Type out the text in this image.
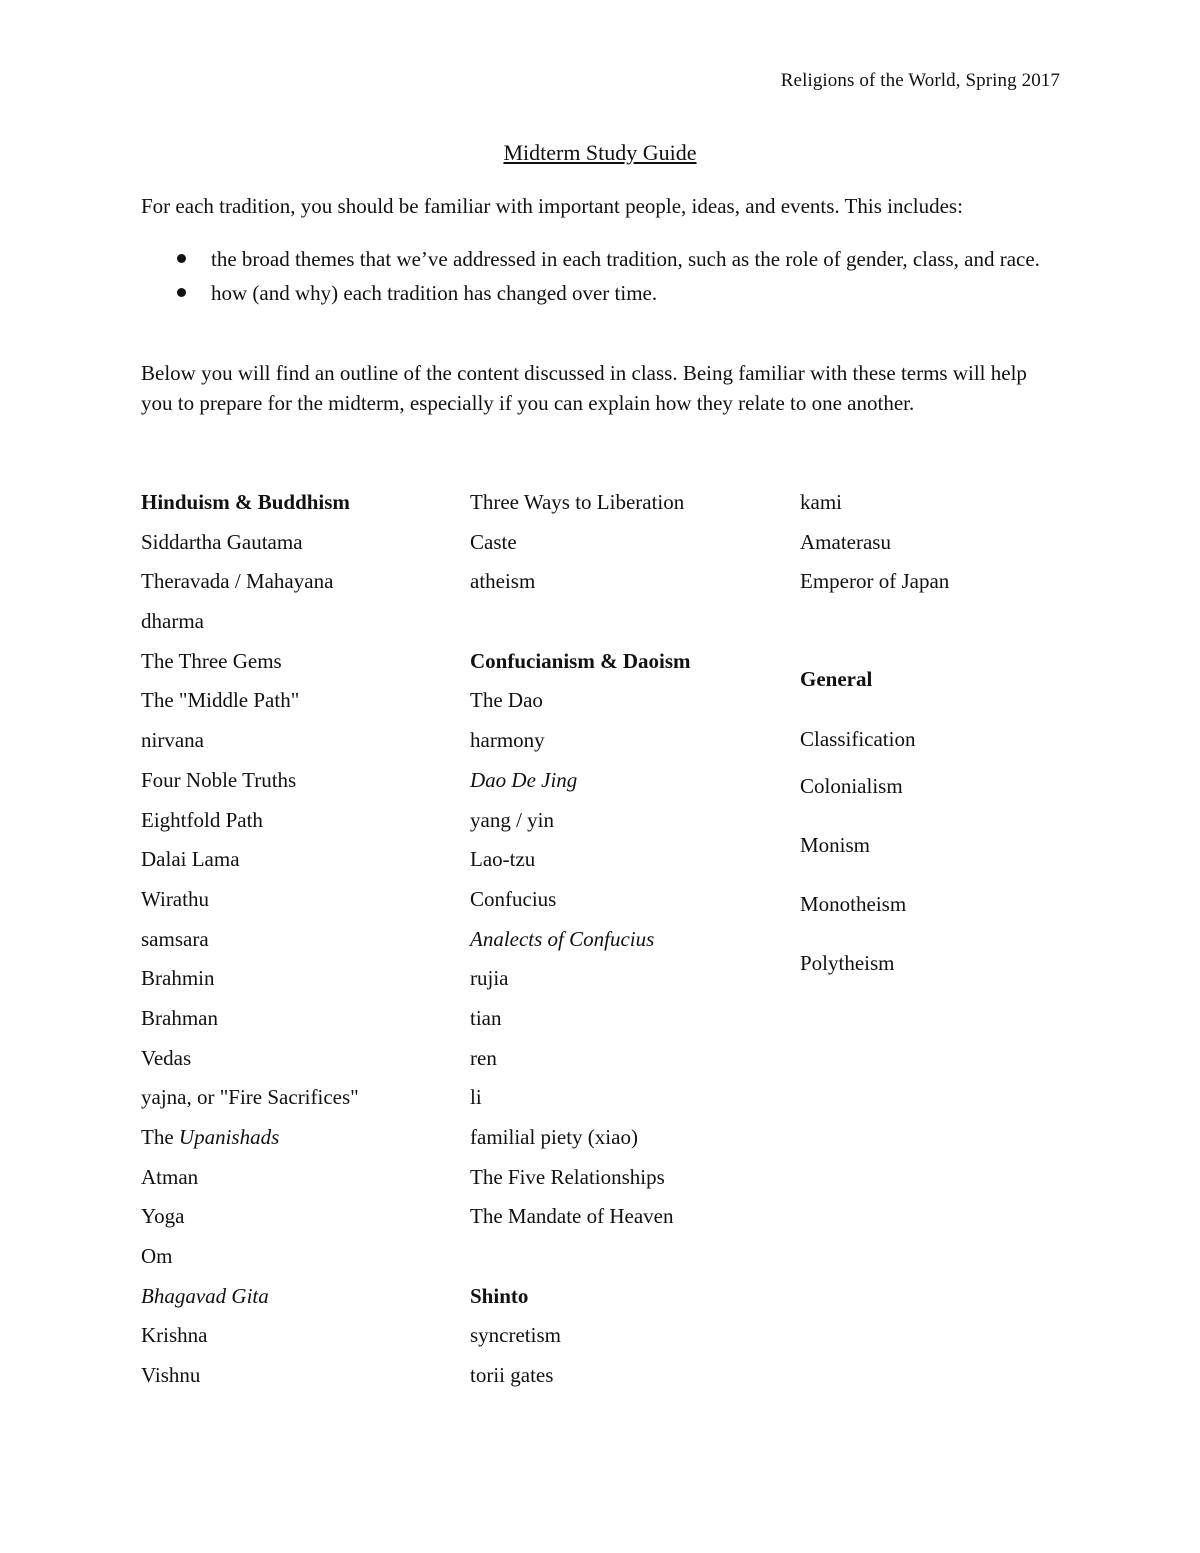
Religions of the World, Spring 2017
Midterm Study Guide

For each tradition, you should be familiar with important people, ideas, and events. This includes:

the broad themes that we’ve addressed in each tradition, such as the role of gender, class, and race.
how (and why) each tradition has changed over time.

Below you will find an outline of the content discussed in class. Being familiar with these terms will help you to prepare for the midterm, especially if you can explain how they relate to one another.

Hinduism & Buddhism
Siddartha Gautama
Theravada / Mahayana
dharma
The Three Gems
The "Middle Path"
nirvana
Four Noble Truths
Eightfold Path
Dalai Lama
Wirathu
samsara
Brahmin
Brahman
Vedas
yajna, or "Fire Sacrifices"
The Upanishads
Atman
Yoga
Om
Bhagavad Gita
Krishna
Vishnu
Three Ways to Liberation
Caste
atheism
Confucianism & Daoism
The Dao
harmony
Dao De Jing
yang / yin
Lao-tzu
Confucius
Analects of Confucius
rujia
tian
ren
li
familial piety (xiao)
The Five Relationships
The Mandate of Heaven
Shinto
syncretism
torii gates
kami
Amaterasu
Emperor of Japan
General
Classification
Colonialism
Monism
Monotheism
Polytheism
